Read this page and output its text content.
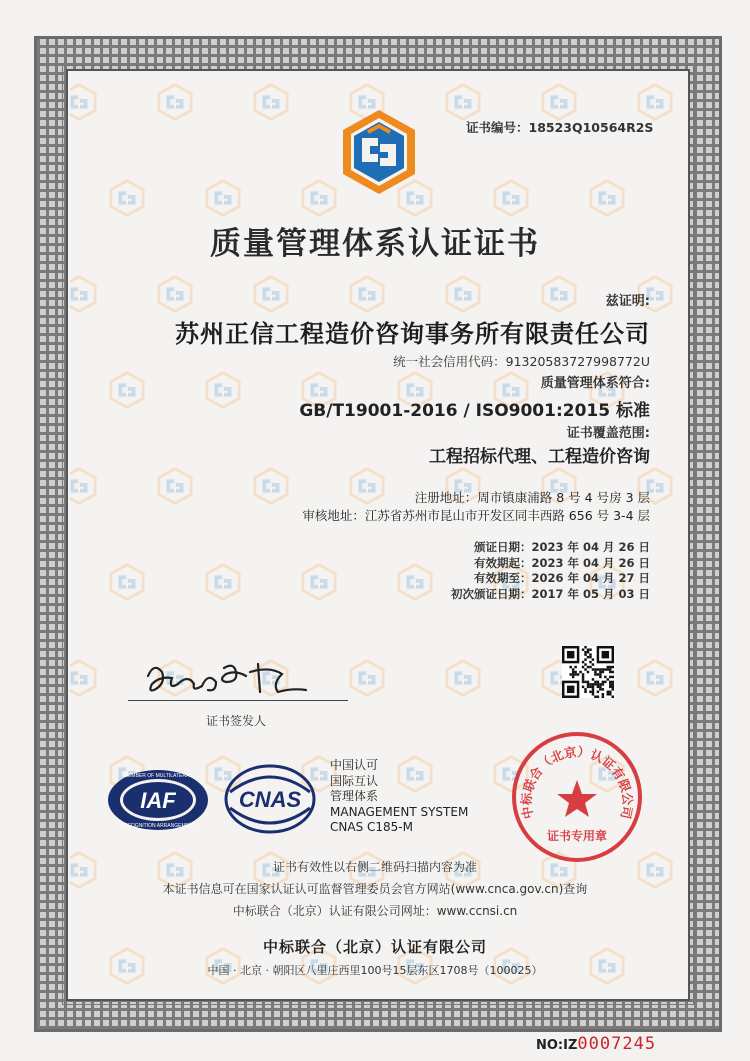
证书编号：18523Q10564R2S
质量管理体系认证证书
兹证明:
苏州正信工程造价咨询事务所有限责任公司
统一社会信用代码：91320583727998772U
质量管理体系符合:
GB/T19001-2016 / ISO9001:2015 标准
证书覆盖范围:
工程招标代理、工程造价咨询
注册地址：周市镇康浦路 8 号 4 号房 3 层
审核地址：江苏省苏州市昆山市开发区同丰西路 656 号 3-4 层
颁证日期：2023 年 04 月 26 日
有效期起：2023 年 04 月 26 日
有效期至：2026 年 04 月 27 日
初次颁证日期：2017 年 05 月 03 日
证书签发人
IAF
MEMBER OF MULTILATERAL
RECOGNITION ARRANGEMENT
CNAS
中国认可
国际互认
管理体系
MANAGEMENT SYSTEM
CNAS C185-M
中标联合（北京）认证有限公司
证书专用章
证书有效性以右侧二维码扫描内容为准
本证书信息可在国家认证认可监督管理委员会官方网站(www.cnca.gov.cn)查询
中标联合（北京）认证有限公司网址：www.ccnsi.cn
中标联合（北京）认证有限公司
中国 · 北京 · 朝阳区八里庄西里100号15层东区1708号（100025）
NO:IZ0007245
